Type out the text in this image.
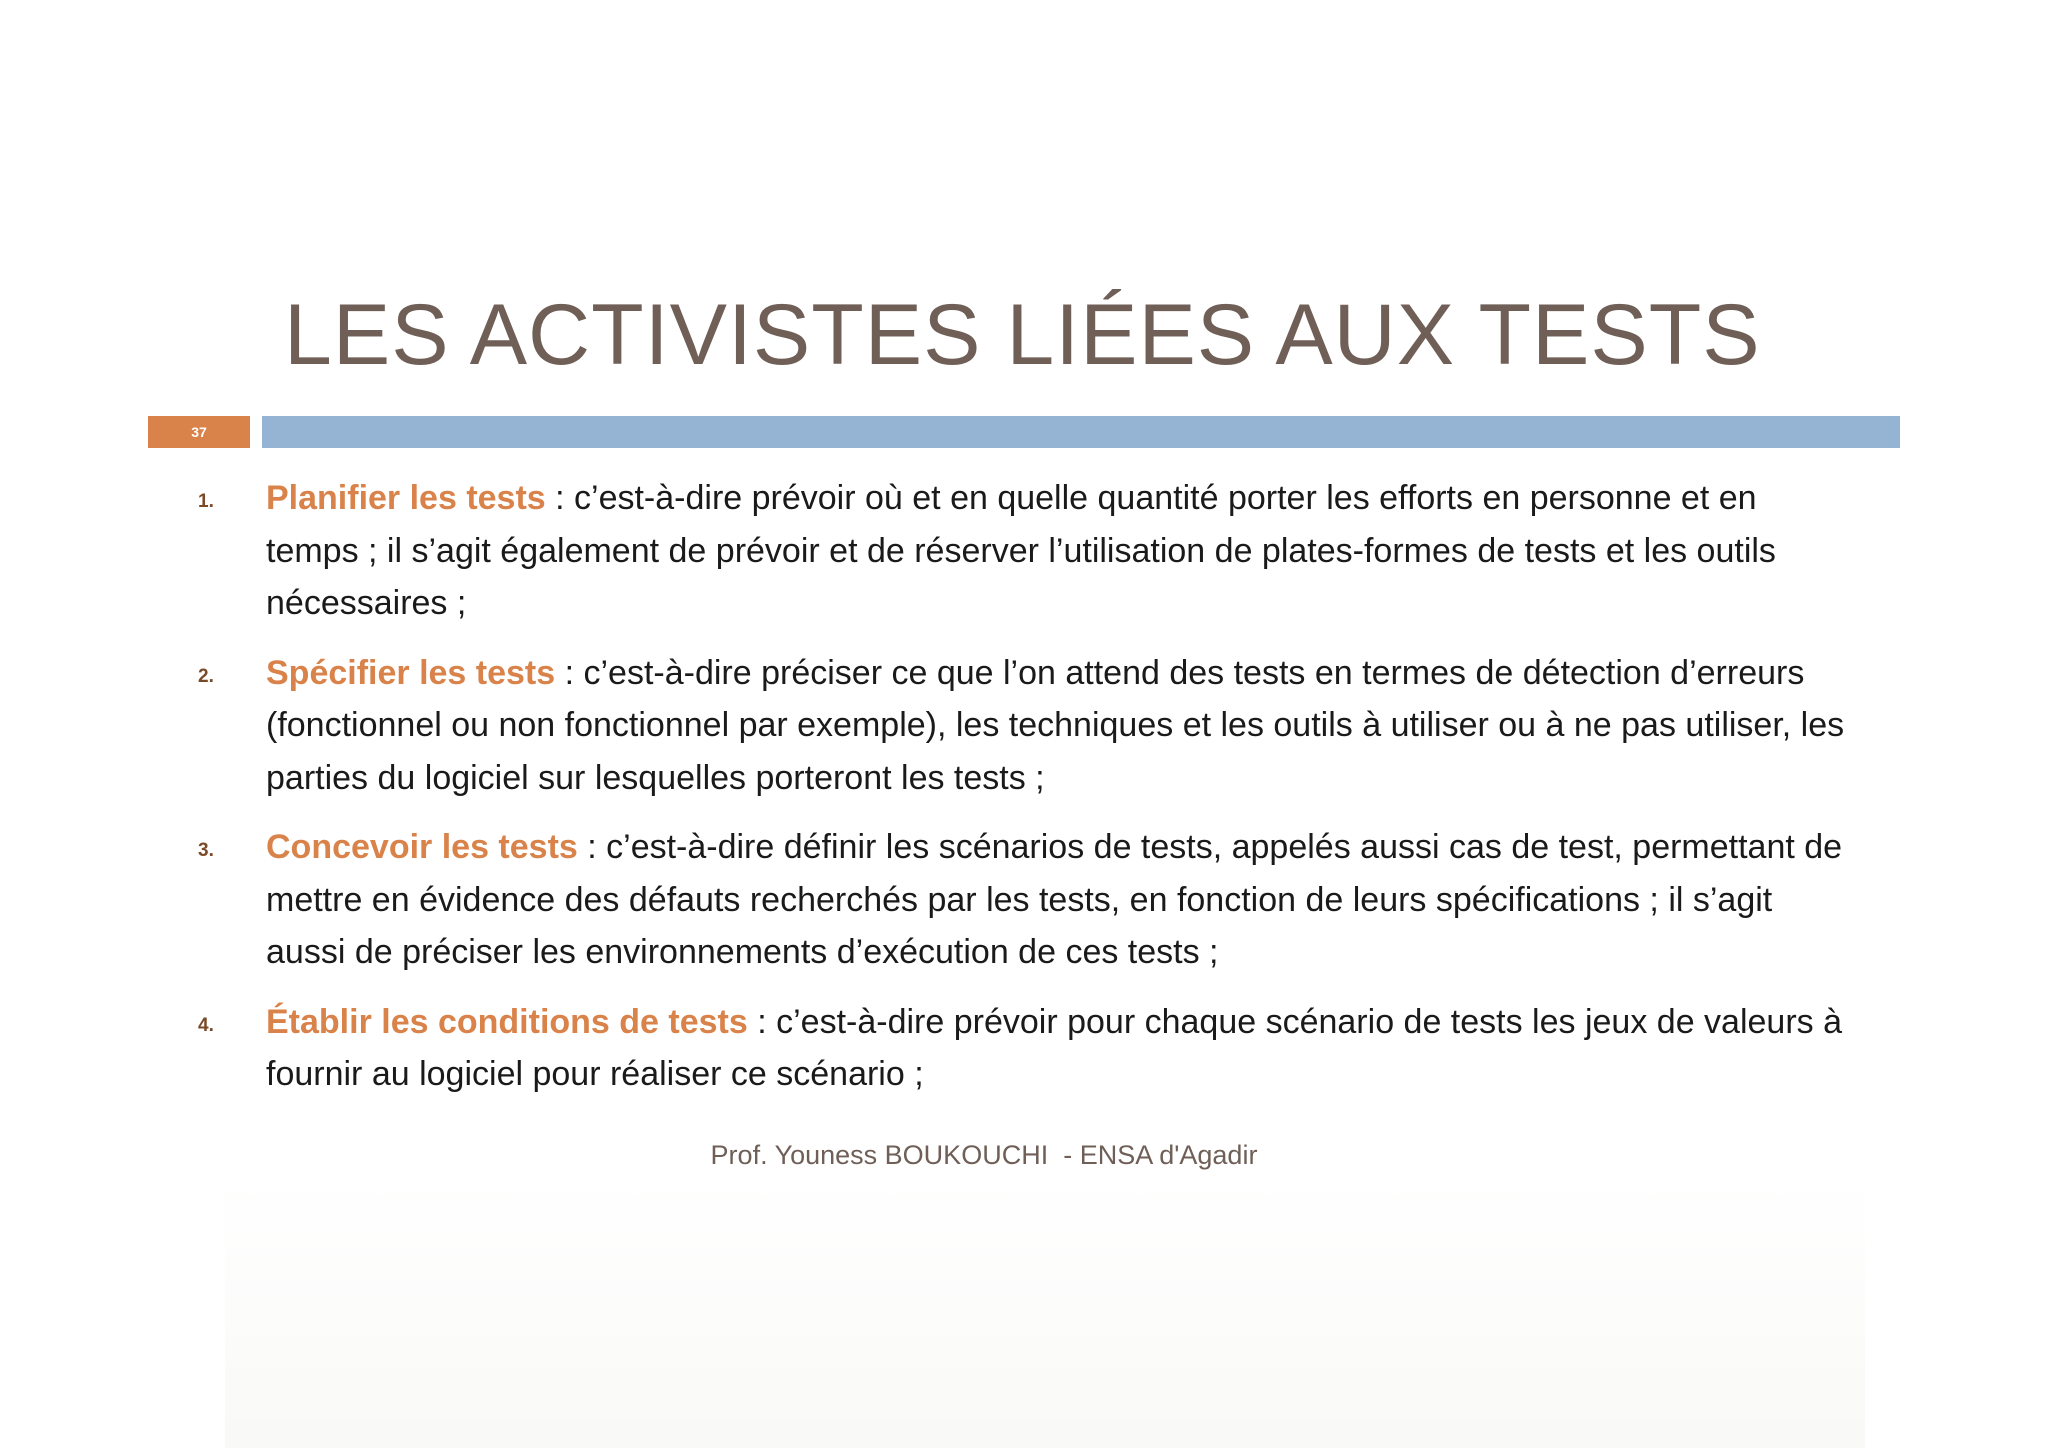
LES ACTIVISTES LIÉES AUX TESTS
37
1. Planifier les tests : c’est-à-dire prévoir où et en quelle quantité porter les efforts en personne et en temps ; il s’agit également de prévoir et de réserver l’utilisation de plates-formes de tests et les outils nécessaires ;
2. Spécifier les tests : c’est-à-dire préciser ce que l’on attend des tests en termes de détection d’erreurs (fonctionnel ou non fonctionnel par exemple), les techniques et les outils à utiliser ou à ne pas utiliser, les parties du logiciel sur lesquelles porteront les tests ;
3. Concevoir les tests : c’est-à-dire définir les scénarios de tests, appelés aussi cas de test, permettant de mettre en évidence des défauts recherchés par les tests, en fonction de leurs spécifications ; il s’agit aussi de préciser les environnements d’exécution de ces tests ;
4. Établir les conditions de tests : c’est-à-dire prévoir pour chaque scénario de tests les jeux de valeurs à fournir au logiciel pour réaliser ce scénario ;
Prof. Youness BOUKOUCHI  - ENSA d'Agadir
